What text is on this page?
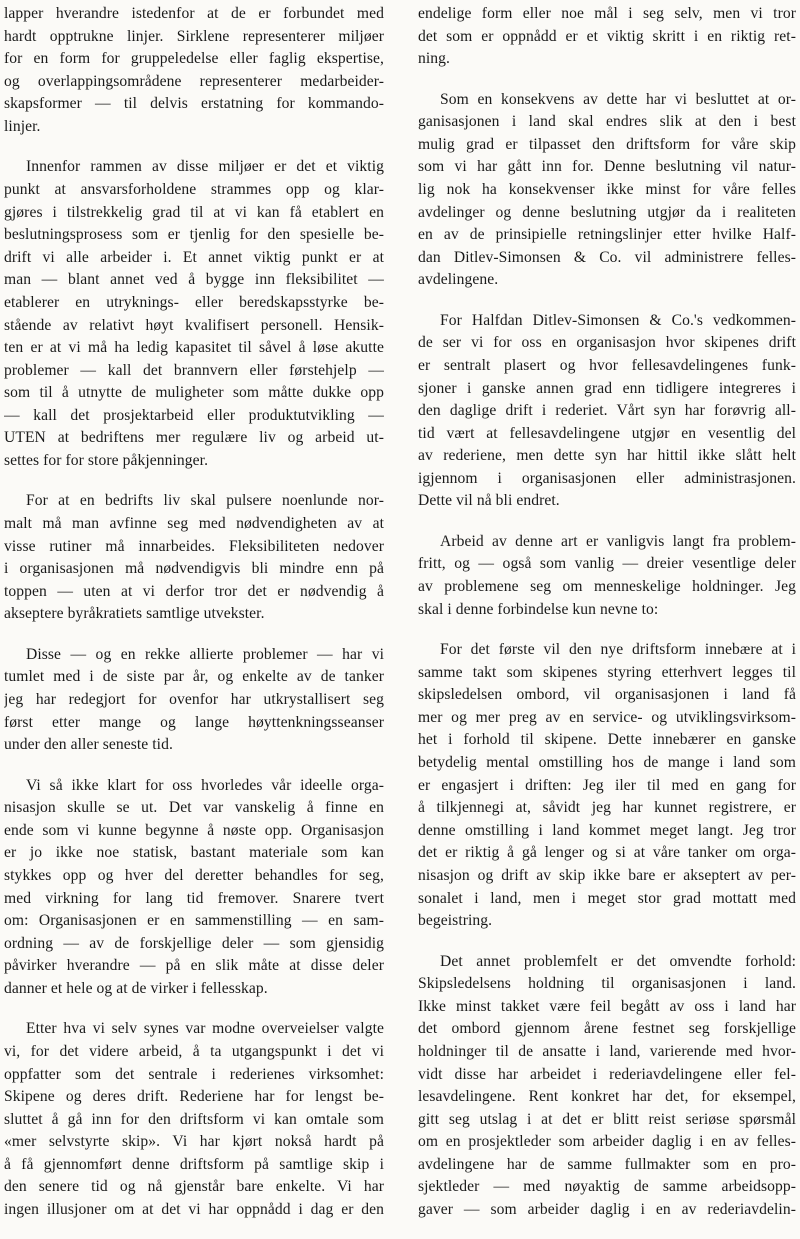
lapper hverandre istedenfor at de er forbundet med
hardt opptrukne linjer. Sirklene representerer miljøer
for en form for gruppeledelse eller faglig ekspertise,
og overlappingsområdene representerer medarbeider-
skapsformer — til delvis erstatning for kommando-
linjer.
Innenfor rammen av disse miljøer er det et viktig
punkt at ansvarsforholdene strammes opp og klar-
gjøres i tilstrekkelig grad til at vi kan få etablert en
beslutningsprosess som er tjenlig for den spesielle be-
drift vi alle arbeider i. Et annet viktig punkt er at
man — blant annet ved å bygge inn fleksibilitet —
etablerer en utryknings- eller beredskapsstyrke be-
stående av relativt høyt kvalifisert personell. Hensik-
ten er at vi må ha ledig kapasitet til såvel å løse akutte
problemer — kall det brannvern eller førstehjelp —
som til å utnytte de muligheter som måtte dukke opp
— kall det prosjektarbeid eller produktutvikling —
UTEN at bedriftens mer regulære liv og arbeid ut-
settes for for store påkjenninger.
For at en bedrifts liv skal pulsere noenlunde nor-
malt må man avfinne seg med nødvendigheten av at
visse rutiner må innarbeides. Fleksibiliteten nedover
i organisasjonen må nødvendigvis bli mindre enn på
toppen — uten at vi derfor tror det er nødvendig å
akseptere byråkratiets samtlige utvekster.
Disse — og en rekke allierte problemer — har vi
tumlet med i de siste par år, og enkelte av de tanker
jeg har redegjort for ovenfor har utkrystallisert seg
først etter mange og lange høyttenkningsseanser
under den aller seneste tid.
Vi så ikke klart for oss hvorledes vår ideelle orga-
nisasjon skulle se ut. Det var vanskelig å finne en
ende som vi kunne begynne å nøste opp. Organisasjon
er jo ikke noe statisk, bastant materiale som kan
stykkes opp og hver del deretter behandles for seg,
med virkning for lang tid fremover. Snarere tvert
om: Organisasjonen er en sammenstilling — en sam-
ordning — av de forskjellige deler — som gjensidig
påvirker hverandre — på en slik måte at disse deler
danner et hele og at de virker i fellesskap.
Etter hva vi selv synes var modne overveielser valgte
vi, for det videre arbeid, å ta utgangspunkt i det vi
oppfatter som det sentrale i rederienes virksomhet:
Skipene og deres drift. Rederiene har for lengst be-
sluttet å gå inn for den driftsform vi kan omtale som
«mer selvstyrte skip». Vi har kjørt nokså hardt på
å få gjennomført denne driftsform på samtlige skip i
den senere tid og nå gjenstår bare enkelte. Vi har
ingen illusjoner om at det vi har oppnådd i dag er den
endelige form eller noe mål i seg selv, men vi tror
det som er oppnådd er et viktig skritt i en riktig ret-
ning.
Som en konsekvens av dette har vi besluttet at or-
ganisasjonen i land skal endres slik at den i best
mulig grad er tilpasset den driftsform for våre skip
som vi har gått inn for. Denne beslutning vil natur-
lig nok ha konsekvenser ikke minst for våre felles
avdelinger og denne beslutning utgjør da i realiteten
en av de prinsipielle retningslinjer etter hvilke Half-
dan Ditlev-Simonsen & Co. vil administrere felles-
avdelingene.
For Halfdan Ditlev-Simonsen & Co.'s vedkommen-
de ser vi for oss en organisasjon hvor skipenes drift
er sentralt plasert og hvor fellesavdelingenes funk-
sjoner i ganske annen grad enn tidligere integreres i
den daglige drift i rederiet. Vårt syn har forøvrig all-
tid vært at fellesavdelingene utgjør en vesentlig del
av rederiene, men dette syn har hittil ikke slått helt
igjennom i organisasjonen eller administrasjonen.
Dette vil nå bli endret.
Arbeid av denne art er vanligvis langt fra problem-
fritt, og — også som vanlig — dreier vesentlige deler
av problemene seg om menneskelige holdninger. Jeg
skal i denne forbindelse kun nevne to:
For det første vil den nye driftsform innebære at i
samme takt som skipenes styring etterhvert legges til
skipsledelsen ombord, vil organisasjonen i land få
mer og mer preg av en service- og utviklingsvirksom-
het i forhold til skipene. Dette innebærer en ganske
betydelig mental omstilling hos de mange i land som
er engasjert i driften: Jeg iler til med en gang for
å tilkjennegi at, såvidt jeg har kunnet registrere, er
denne omstilling i land kommet meget langt. Jeg tror
det er riktig å gå lenger og si at våre tanker om orga-
nisasjon og drift av skip ikke bare er akseptert av per-
sonalet i land, men i meget stor grad mottatt med
begeistring.
Det annet problemfelt er det omvendte forhold:
Skipsledelsens holdning til organisasjonen i land.
Ikke minst takket være feil begått av oss i land har
det ombord gjennom årene festnet seg forskjellige
holdninger til de ansatte i land, varierende med hvor-
vidt disse har arbeidet i rederiavdelingene eller fel-
lesavdelingene. Rent konkret har det, for eksempel,
gitt seg utslag i at det er blitt reist seriøse spørsmål
om en prosjektleder som arbeider daglig i en av felles-
avdelingene har de samme fullmakter som en pro-
sjektleder — med nøyaktig de samme arbeidsopp-
gaver — som arbeider daglig i en av rederiavdelin-
